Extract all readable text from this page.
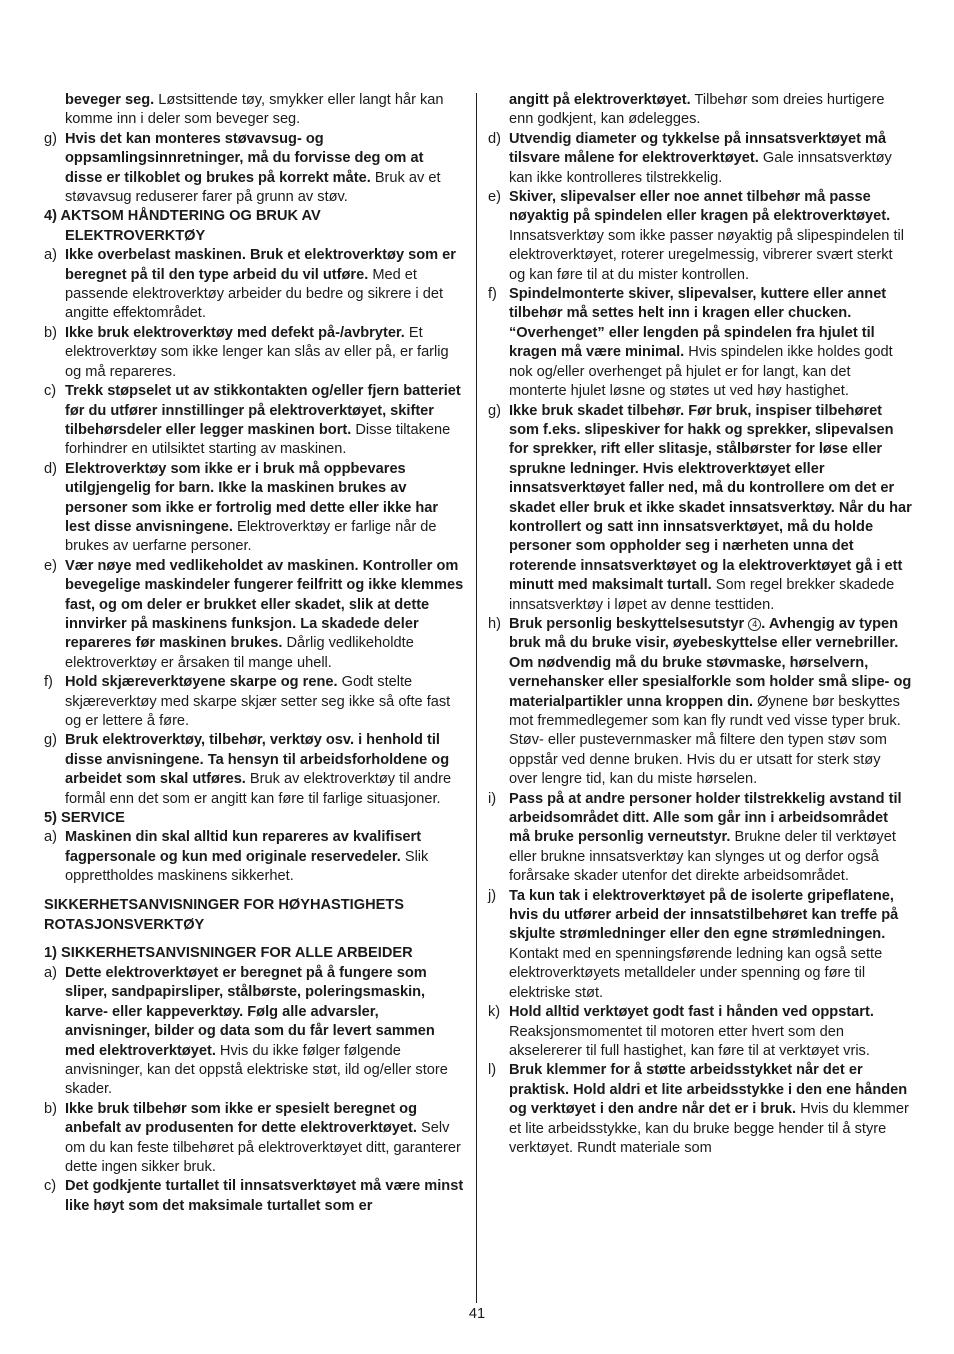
beveger seg. Løstsittende tøy, smykker eller langt hår kan komme inn i deler som beveger seg.
g) Hvis det kan monteres støvavsug- og oppsamlingsinnretninger, må du forvisse deg om at disse er tilkoblet og brukes på korrekt måte. Bruk av et støvavsug reduserer farer på grunn av støv.
4) AKTSOM HÅNDTERING OG BRUK AV ELEKTROVERKTØY
a) Ikke overbelast maskinen. Bruk et elektroverktøy som er beregnet på til den type arbeid du vil utføre. Med et passende elektroverktøy arbeider du bedre og sikrere i det angitte effektområdet.
b) Ikke bruk elektroverktøy med defekt på-/avbryter. Et elektroverktøy som ikke lenger kan slås av eller på, er farlig og må repareres.
c) Trekk støpselet ut av stikkontakten og/eller fjern batteriet før du utfører innstillinger på elektroverktøyet, skifter tilbehørsdeler eller legger maskinen bort. Disse tiltakene forhindrer en utilsiktet starting av maskinen.
d) Elektroverktøy som ikke er i bruk må oppbevares utilgjengelig for barn. Ikke la maskinen brukes av personer som ikke er fortrolig med dette eller ikke har lest disse anvisningene. Elektroverktøy er farlige når de brukes av uerfarne personer.
e) Vær nøye med vedlikeholdet av maskinen. Kontroller om bevegelige maskindeler fungerer feilfritt og ikke klemmes fast, og om deler er brukket eller skadet, slik at dette innvirker på maskinens funksjon. La skadede deler repareres før maskinen brukes. Dårlig vedlikeholdte elektroverktøy er årsaken til mange uhell.
f) Hold skjæreverktøyene skarpe og rene. Godt stelte skjæreverktøy med skarpe skjær setter seg ikke så ofte fast og er lettere å føre.
g) Bruk elektroverktøy, tilbehør, verktøy osv. i henhold til disse anvisningene. Ta hensyn til arbeidsforholdene og arbeidet som skal utføres. Bruk av elektroverktøy til andre formål enn det som er angitt kan føre til farlige situasjoner.
5) SERVICE
a) Maskinen din skal alltid kun repareres av kvalifisert fagpersonale og kun med originale reservedeler. Slik opprettholdes maskinens sikkerhet.
SIKKERHETSANVISNINGER FOR HØYHASTIGHETS ROTASJONSVERKTØY
1) SIKKERHETSANVISNINGER FOR ALLE ARBEIDER
a) Dette elektroverktøyet er beregnet på å fungere som sliper, sandpapirsliper, stålbørste, poleringsmaskin, karve- eller kappeverktøy. Følg alle advarsler, anvisninger, bilder og data som du får levert sammen med elektroverktøyet. Hvis du ikke følger følgende anvisninger, kan det oppstå elektriske støt, ild og/eller store skader.
b) Ikke bruk tilbehør som ikke er spesielt beregnet og anbefalt av produsenten for dette elektroverktøyet. Selv om du kan feste tilbehøret på elektroverktøyet ditt, garanterer dette ingen sikker bruk.
c) Det godkjente turtallet til innsatsverktøyet må være minst like høyt som det maksimale turtallet som er
angitt på elektroverktøyet. Tilbehør som dreies hurtigere enn godkjent, kan ødelegges.
d) Utvendig diameter og tykkelse på innsatsverktøyet må tilsvare målene for elektroverktøyet. Gale innsatsverktøy kan ikke kontrolleres tilstrekkelig.
e) Skiver, slipevalser eller noe annet tilbehør må passe nøyaktig på spindelen eller kragen på elektroverktøyet. Innsatsverktøy som ikke passer nøyaktig på slipespindelen til elektroverktøyet, roterer uregelmessig, vibrerer svært sterkt og kan føre til at du mister kontrollen.
f) Spindelmonterte skiver, slipevalser, kuttere eller annet tilbehør må settes helt inn i kragen eller chucken. “Overhenget” eller lengden på spindelen fra hjulet til kragen må være minimal. Hvis spindelen ikke holdes godt nok og/eller overhenget på hjulet er for langt, kan det monterte hjulet løsne og støtes ut ved høy hastighet.
g) Ikke bruk skadet tilbehør. Før bruk, inspiser tilbehøret som f.eks. slipeskiver for hakk og sprekker, slipevalsen for sprekker, rift eller slitasje, stålbørster for løse eller sprukne ledninger. Hvis elektroverktøyet eller innsatsverktøyet faller ned, må du kontrollere om det er skadet eller bruk et ikke skadet innsatsverktøy. Når du har kontrollert og satt inn innsatsverktøyet, må du holde personer som oppholder seg i nærheten unna det roterende innsatsverktøyet og la elektroverktøyet gå i ett minutt med maksimalt turtall. Som regel brekker skadede innsatsverktøy i løpet av denne testtiden.
h) Bruk personlig beskyttelsesutstyr 4 . Avhengig av typen bruk må du bruke visir, øyebeskyttelse eller vernebriller. Om nødvendig må du bruke støvmaske, hørselvern, vernehansker eller spesialforkle som holder små slipe- og materialpartikler unna kroppen din. Øynene bør beskyttes mot fremmedlegemer som kan fly rundt ved visse typer bruk. Støv- eller pustevernmasker må filtere den typen støv som oppstår ved denne bruken. Hvis du er utsatt for sterk støy over lengre tid, kan du miste hørselen.
i) Pass på at andre personer holder tilstrekkelig avstand til arbeidsområdet ditt. Alle som går inn i arbeidsområdet må bruke personlig verneutstyr. Brukne deler til verktøyet eller brukne innsatsverktøy kan slynges ut og derfor også forårsake skader utenfor det direkte arbeidsområdet.
j) Ta kun tak i elektroverktøyet på de isolerte gripeflatene, hvis du utfører arbeid der innsatstilbehøret kan treffe på skjulte strømledninger eller den egne strømledningen. Kontakt med en spenningsførende ledning kan også sette elektroverktøyets metalldeler under spenning og føre til elektriske støt.
k) Hold alltid verktøyet godt fast i hånden ved oppstart. Reaksjonsmomentet til motoren etter hvert som den akselererer til full hastighet, kan føre til at verktøyet vris.
l) Bruk klemmer for å støtte arbeidsstykket når det er praktisk. Hold aldri et lite arbeidsstykke i den ene hånden og verktøyet i den andre når det er i bruk. Hvis du klemmer et lite arbeidsstykke, kan du bruke begge hender til å styre verktøyet. Rundt materiale som
41
